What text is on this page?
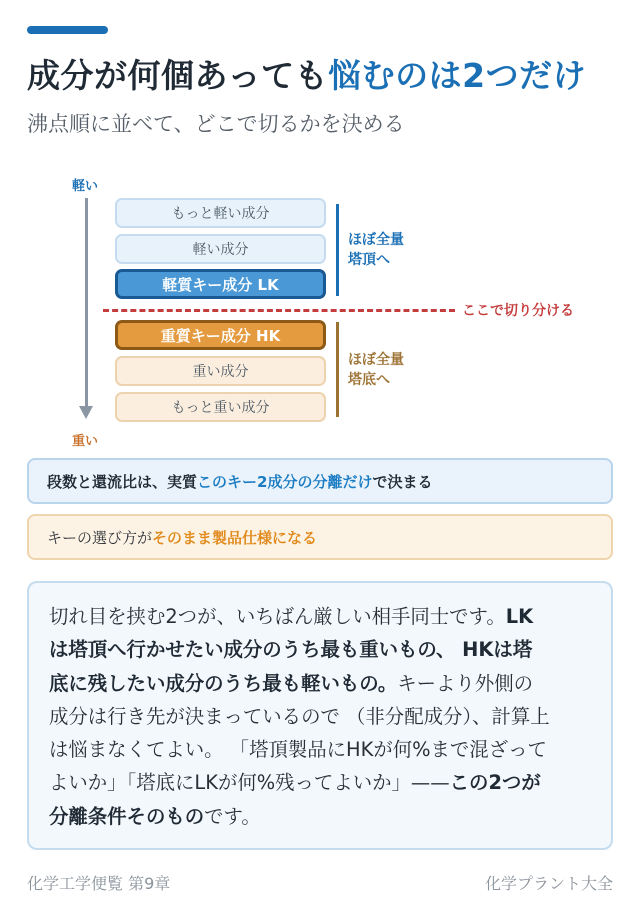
成分が何個あっても悩むのは2つだけ
沸点順に並べて、どこで切るかを決める
軽い
重い
もっと軽い成分
軽い成分
軽質キー成分 LK
重質キー成分 HK
重い成分
もっと重い成分
ほぼ全量
塔頂へ
ほぼ全量
塔底へ
ここで切り分ける
段数と還流比は、実質 このキー2成分の分離だけ で決まる
キーの選び方が そのまま製品仕様になる
切れ目を挟む2つが、いちばん厳しい相手同士です。LK
は塔頂へ行かせたい成分のうち最も重いもの、 HKは塔
底に残したい成分のうち最も軽いもの。キーより外側の
成分は行き先が決まっているので （非分配成分）、計算上
は悩まなくてよい。 「塔頂製品にHKが何%まで混ざって
よいか」「塔底にLKが何%残ってよいか」——この2つが
分離条件そのものです。
化学工学便覧 第9章	化学プラント大全
